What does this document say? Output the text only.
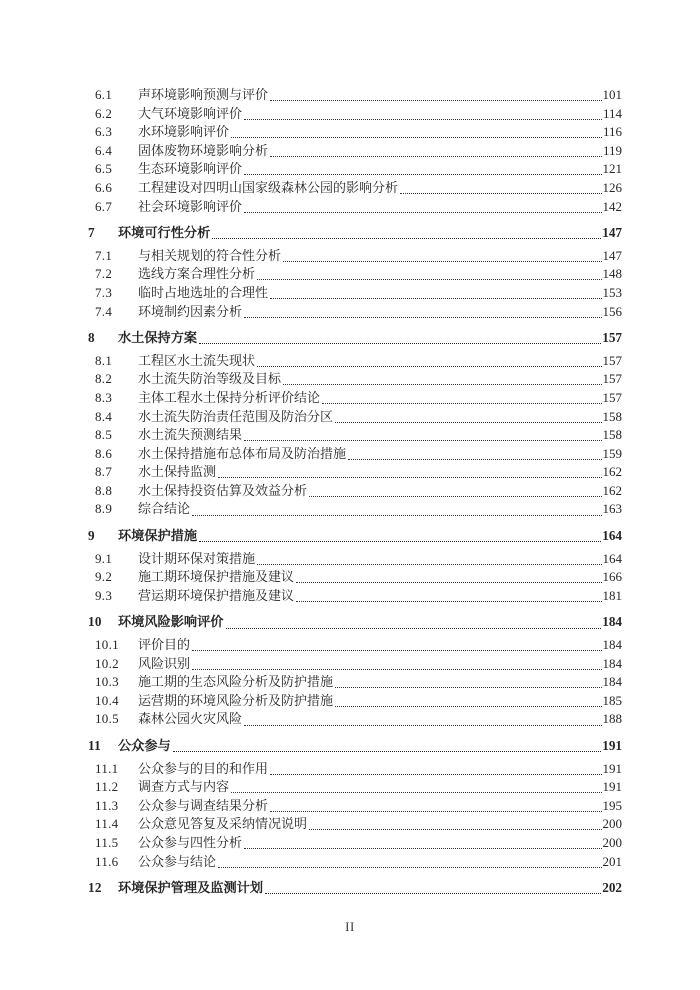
6.1	声环境影响预测与评价	101
6.2	大气环境影响评价	114
6.3	水环境影响评价	116
6.4	固体废物环境影响分析	119
6.5	生态环境影响评价	121
6.6	工程建设对四明山国家级森林公园的影响分析	126
6.7	社会环境影响评价	142
7	环境可行性分析	147
7.1	与相关规划的符合性分析	147
7.2	选线方案合理性分析	148
7.3	临时占地选址的合理性	153
7.4	环境制约因素分析	156
8	水土保持方案	157
8.1	工程区水土流失现状	157
8.2	水土流失防治等级及目标	157
8.3	主体工程水土保持分析评价结论	157
8.4	水土流失防治责任范围及防治分区	158
8.5	水土流失预测结果	158
8.6	水土保持措施布总体布局及防治措施	159
8.7	水土保持监测	162
8.8	水土保持投资估算及效益分析	162
8.9	综合结论	163
9	环境保护措施	164
9.1	设计期环保对策措施	164
9.2	施工期环境保护措施及建议	166
9.3	营运期环境保护措施及建议	181
10	环境风险影响评价	184
10.1	评价目的	184
10.2	风险识别	184
10.3	施工期的生态风险分析及防护措施	184
10.4	运营期的环境风险分析及防护措施	185
10.5	森林公园火灾风险	188
11	公众参与	191
11.1	公众参与的目的和作用	191
11.2	调查方式与内容	191
11.3	公众参与调查结果分析	195
11.4	公众意见答复及采纳情况说明	200
11.5	公众参与四性分析	200
11.6	公众参与结论	201
12	环境保护管理及监测计划	202
II
